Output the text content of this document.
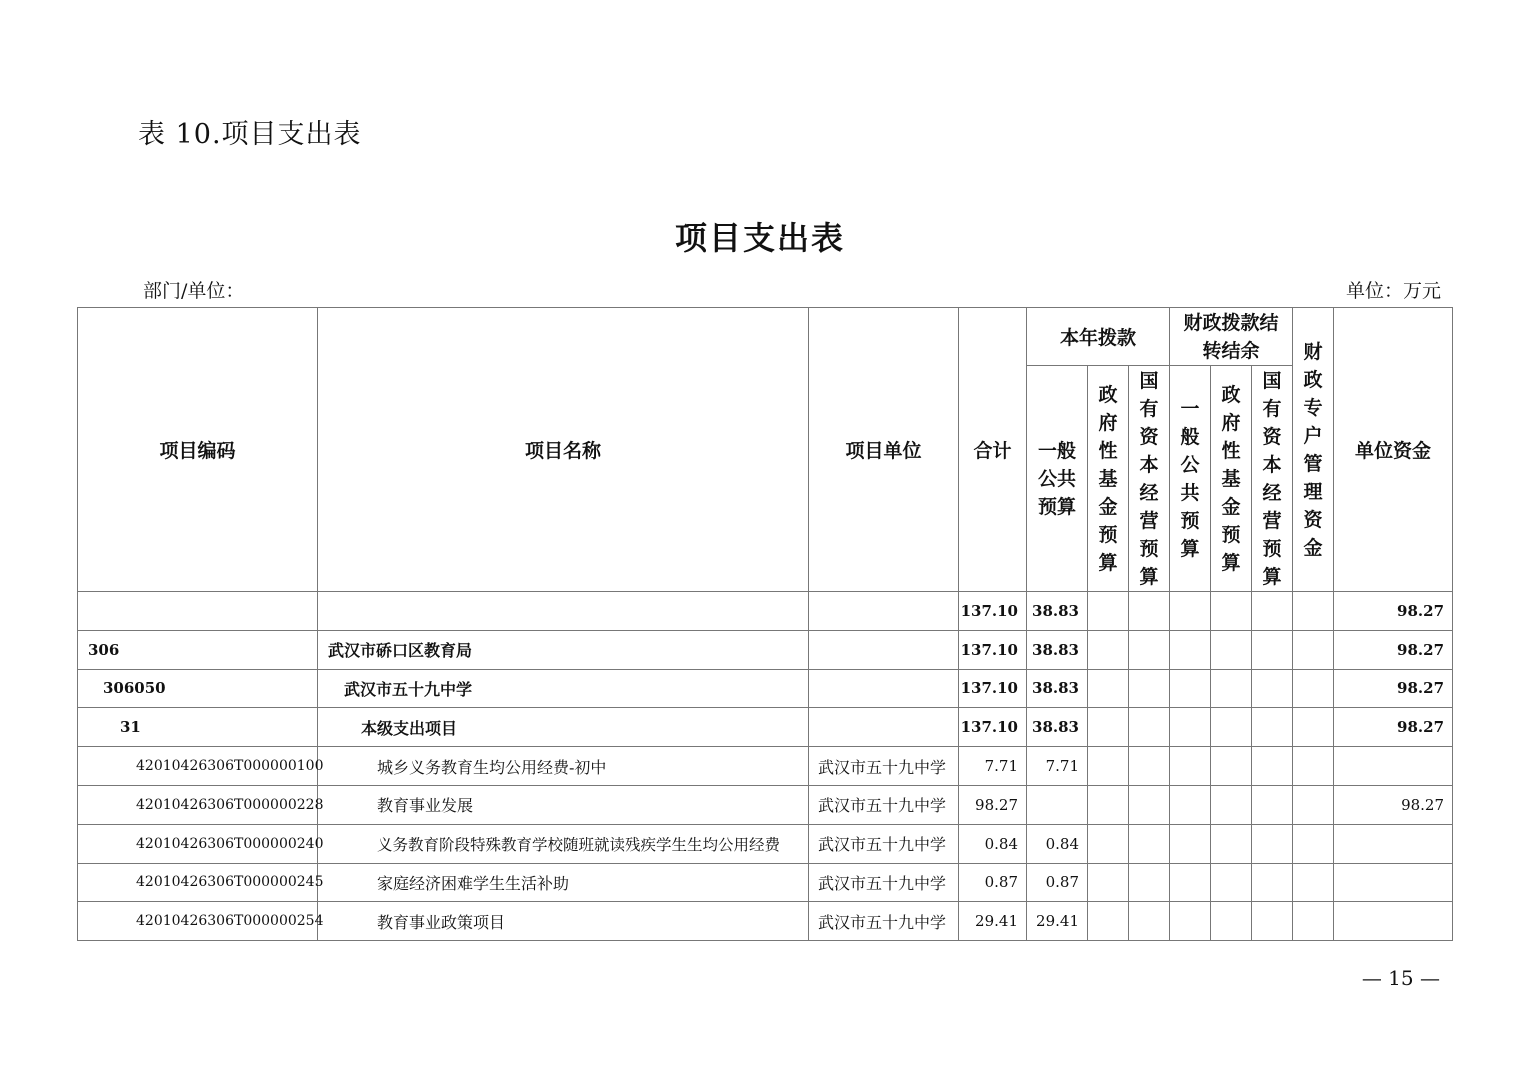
表 10.项目支出表
项目支出表
部门/单位：	单位：万元
项目编码	项目名称	项目单位	合计	本年拨款			财政拨款结转结余			财政专户管理资金	单位资金

				一般公共预算	政府性基金预算	国有资本经营预算	一般公共预算	政府性基金预算	国有资本经营预算		

			137.10	38.83							98.27
306	武汉市硚口区教育局		137.10	38.83							98.27
306050	武汉市五十九中学		137.10	38.83							98.27
31	本级支出项目		137.10	38.83							98.27
42010426306T000000100	城乡义务教育生均公用经费-初中	武汉市五十九中学	7.71	7.71							
42010426306T000000228	教育事业发展	武汉市五十九中学	98.27								98.27
42010426306T000000240	义务教育阶段特殊教育学校随班就读残疾学生生均公用经费	武汉市五十九中学	0.84	0.84							
42010426306T000000245	家庭经济困难学生生活补助	武汉市五十九中学	0.87	0.87							
42010426306T000000254	教育事业政策项目	武汉市五十九中学	29.41	29.41							
— 15 —
